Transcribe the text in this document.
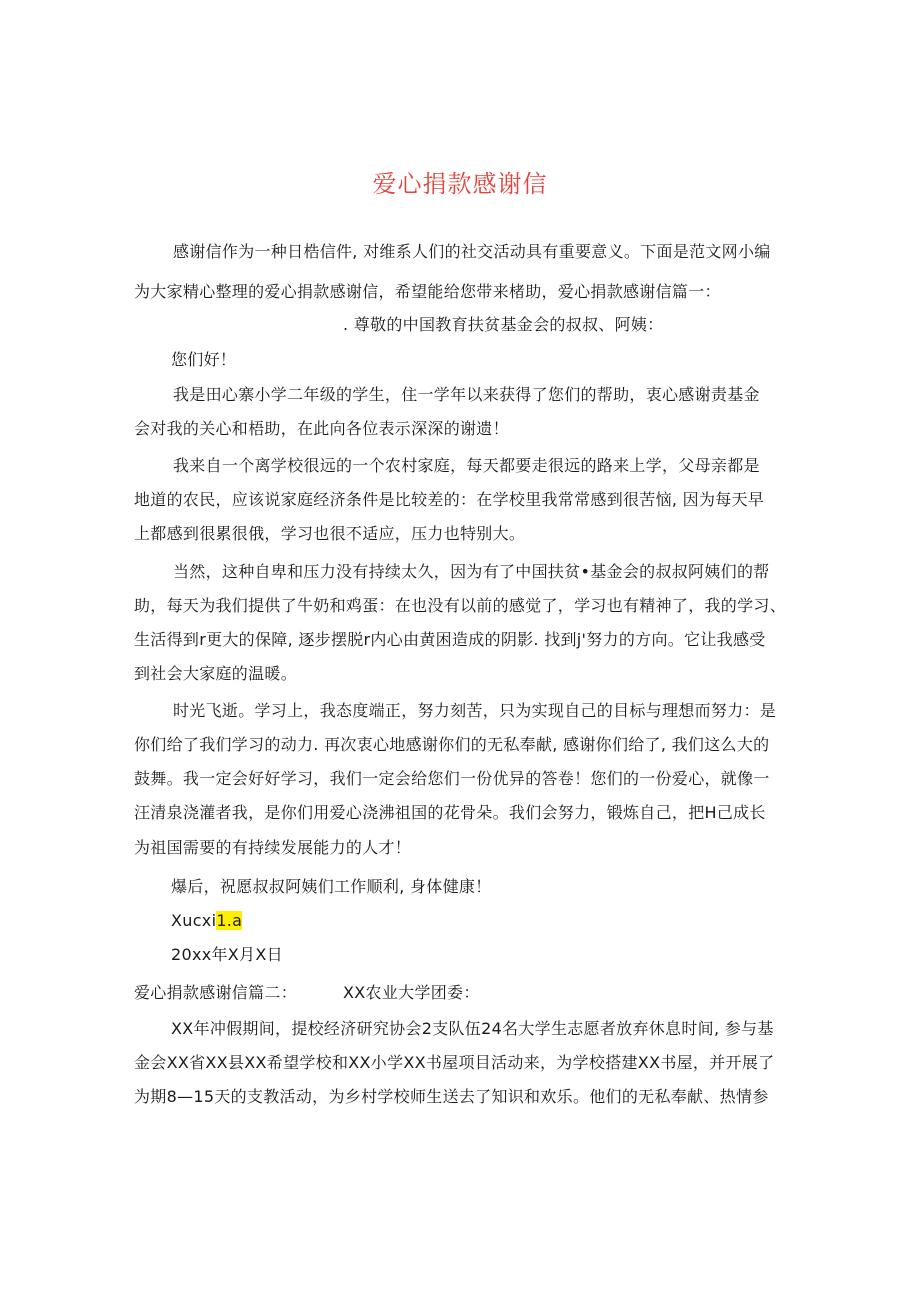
爱心捐款感谢信

感谢信作为一种日梏信件, 对维系人们的社交活动具有重要意义。下面是范文网小编

为大家精心整理的爱心捐款感谢信，希望能给您带来楮助，爱心捐款感谢信篇一：

. 尊敬的中国教育扶贫基金会的叔叔、阿姨：

您们好！

我是田心寨小学二年级的学生，住一学年以来获得了您们的帮助，衷心感谢责基金

会对我的关心和梧助，在此向各位表示深深的谢遗！

我来自一个离学校很远的一个农村家庭，每天都要走很远的路来上学，父母亲都是

地道的农民，应该说家庭经济条件是比较差的：在学校里我常常感到很苦恼, 因为每天早

上都感到很累很俄，学习也很不适应，压力也特别大。

当然，这种自卑和压力没有持续太久，因为有了中国扶贫•基金会的叔叔阿姨们的帮

助，每天为我们提供了牛奶和鸡蛋：在也没有以前的感觉了，学习也有精神了，我的学习、

生活得到r更大的保障, 逐步摆脱r内心由黄困造成的阴影. 找到j'努力的方向。它让我感受

到社会大家庭的温暖。

时光飞逝。学习上，我态度端正，努力刻苦，只为实现自己的目标与理想而努力：是

你们给了我们学习的动力. 再次衷心地感谢你们的无私奉献, 感谢你们给了, 我们这么大的

鼓舞。我一定会好好学习，我们一定会给您们一份优异的答卷！您们的一份爱心，就像一

汪清泉浇灌者我，是你们用爱心浇沸祖国的花骨朵。我们会努力，锻炼自己，把H己成长

为祖国需要的有持续发展能力的人才！

爆后，祝愿叔叔阿姨们工作顺利, 身体健康！

Xucxi1.a

20xx年X月X日

爱心捐款感谢信篇二：	XX农业大学团委：

XX年冲假期间，提校经济研究协会2支队伍24名大学生志愿者放弃休息时间, 参与基

金会XX省XX县XX希望学校和XX小学XX书屋项目活动来，为学校搭建XX书屋，并开展了

为期8—15天的支教活动，为乡村学校师生送去了知识和欢乐。他们的无私奉献、热情参
